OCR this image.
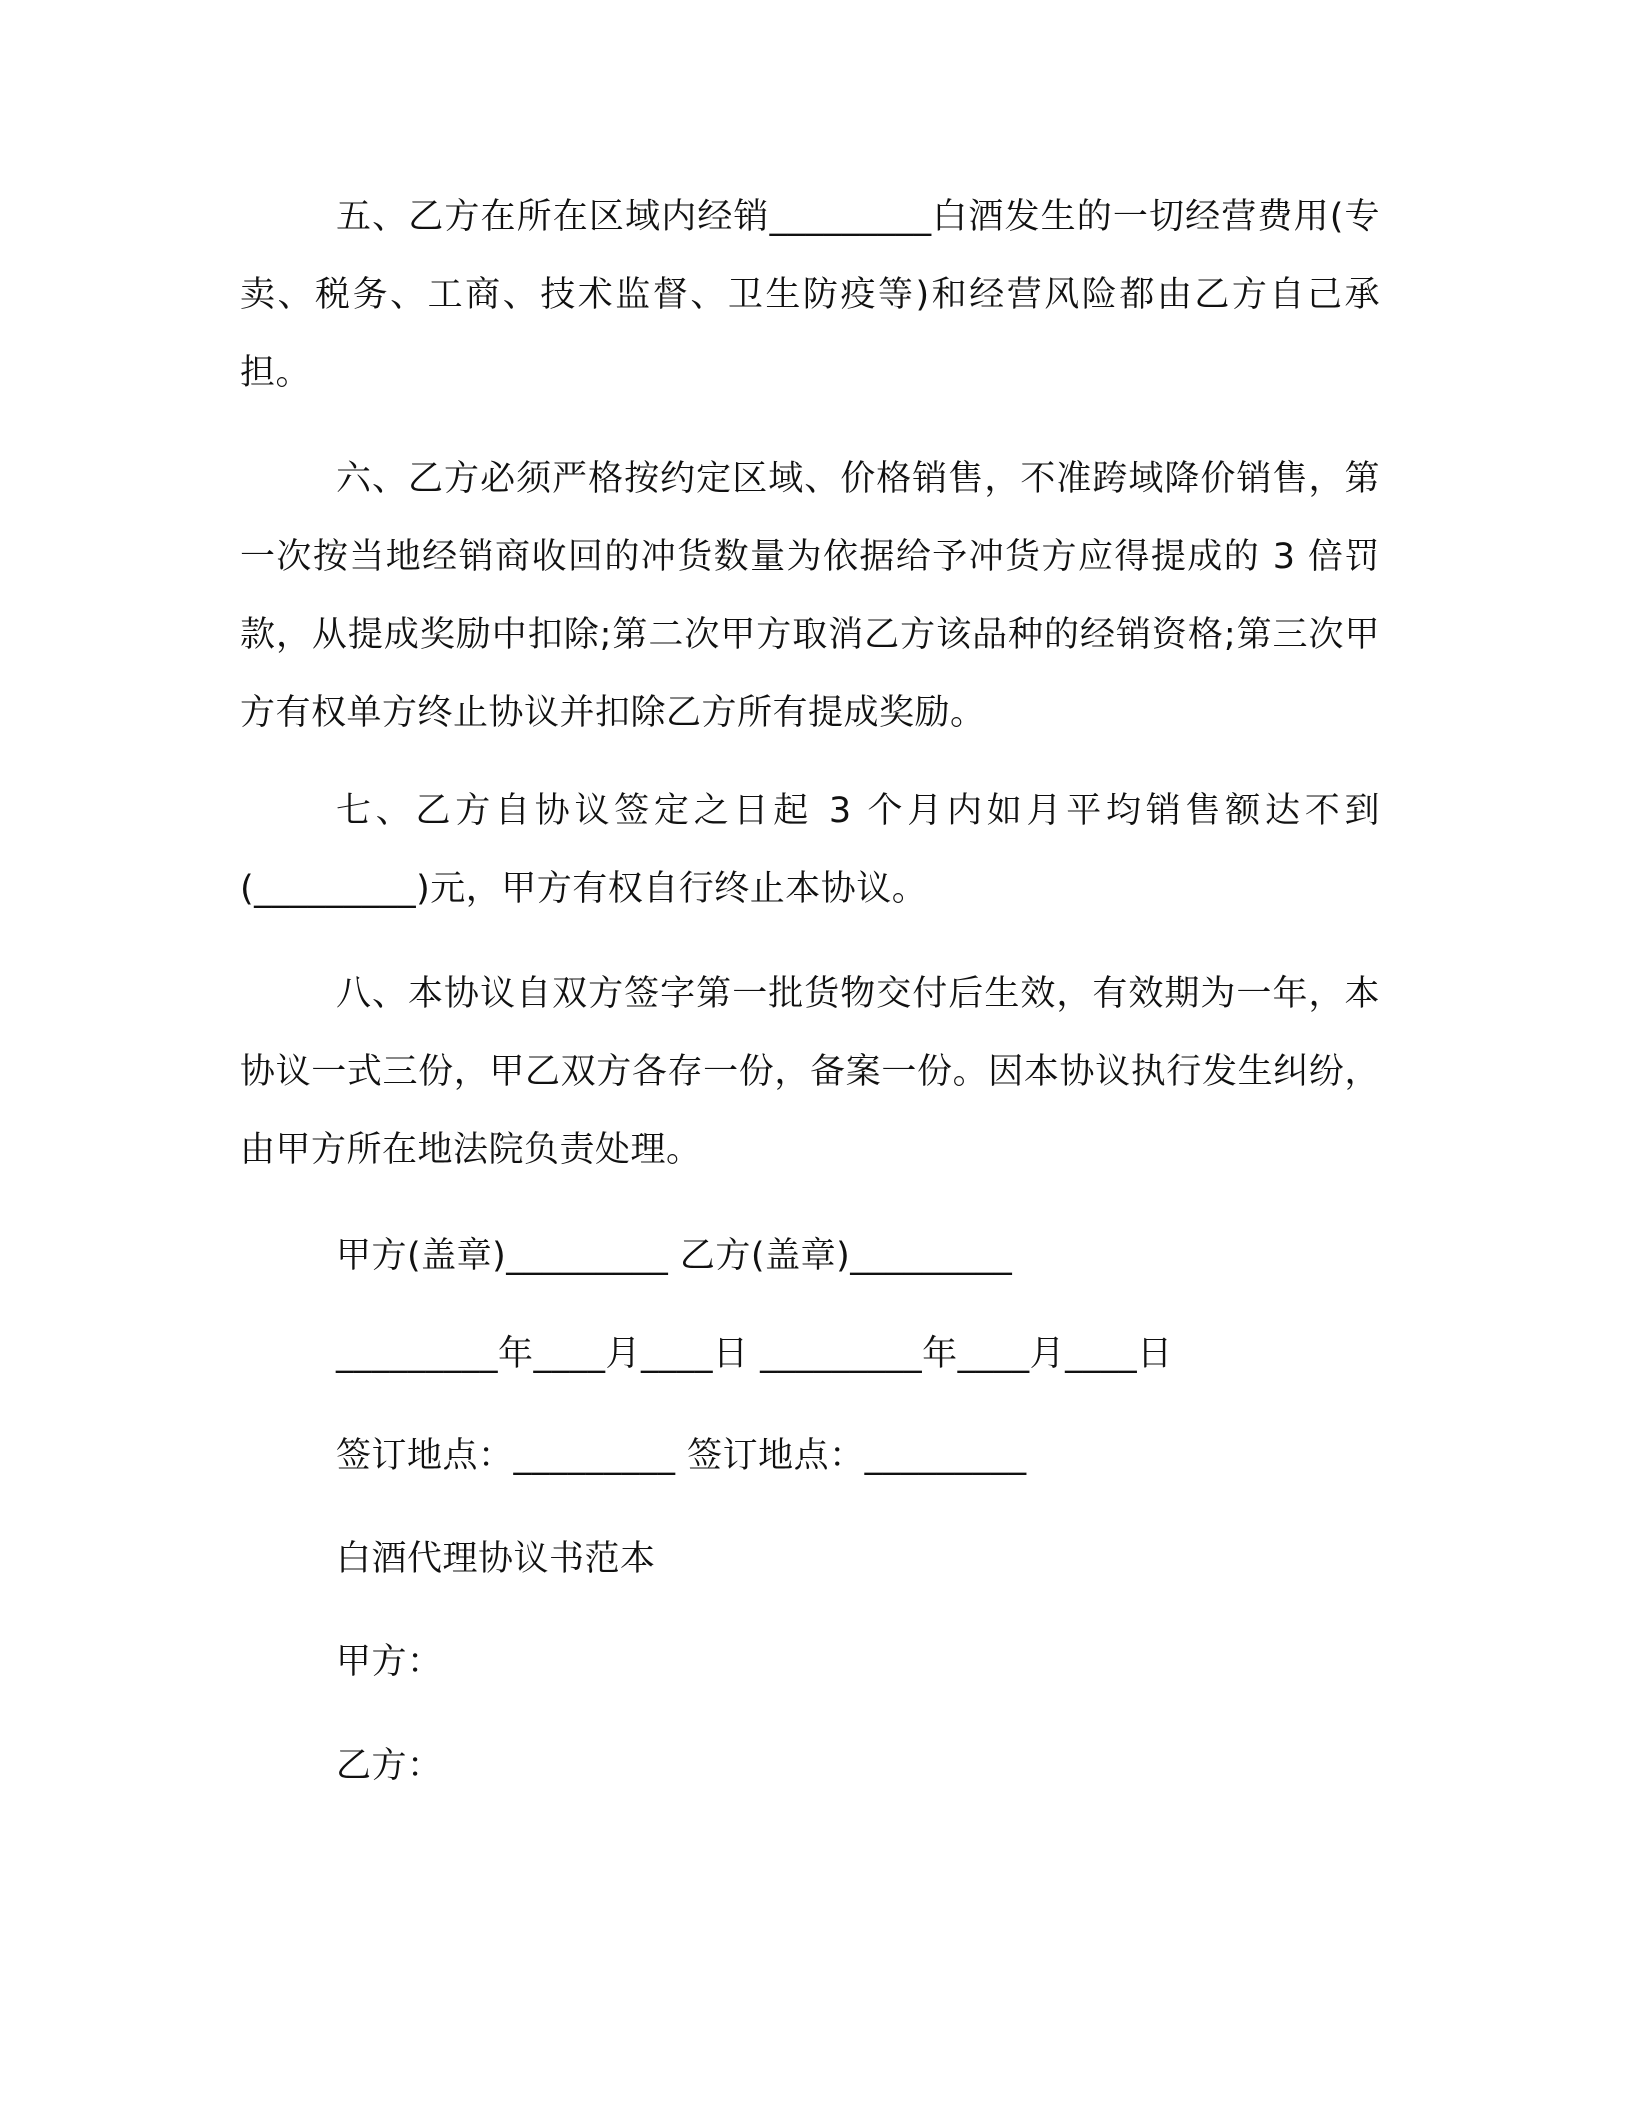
五、乙方在所在区域内经销_________白酒发生的一切经营费用(专卖、税务、工商、技术监督、卫生防疫等)和经营风险都由乙方自己承担。

六、乙方必须严格按约定区域、价格销售，不准跨域降价销售，第一次按当地经销商收回的冲货数量为依据给予冲货方应得提成的 3 倍罚款，从提成奖励中扣除;第二次甲方取消乙方该品种的经销资格;第三次甲方有权单方终止协议并扣除乙方所有提成奖励。

七、乙方自协议签定之日起 3 个月内如月平均销售额达不到(_________)元，甲方有权自行终止本协议。

八、本协议自双方签字第一批货物交付后生效，有效期为一年，本协议一式三份，甲乙双方各存一份，备案一份。因本协议执行发生纠纷，由甲方所在地法院负责处理。

甲方(盖章)_________ 乙方(盖章)_________

_________年____月____日 _________年____月____日

签订地点：_________ 签订地点：_________

白酒代理协议书范本

甲方：

乙方：
